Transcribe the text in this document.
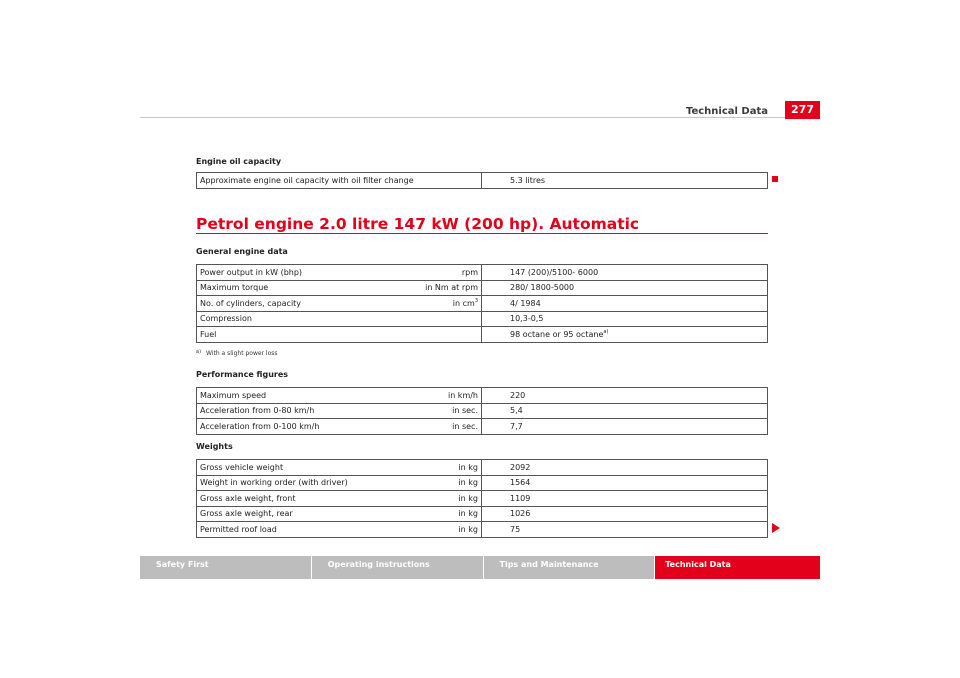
Technical Data	277
Engine oil capacity
Approximate engine oil capacity with oil filter change	5.3 litres
Petrol engine 2.0 litre 147 kW (200 hp). Automatic
General engine data
Power output in kW (bhp)	rpm	147 (200)/5100- 6000
Maximum torque	in Nm at rpm	280/ 1800-5000
No. of cylinders, capacity	in $cm^3$	4/ 1984
Compression		10,3-0,5
Fuel		98 octane or 95 octane$^{a)}$
$^{a)}$ With a slight power loss
Performance figures
Maximum speed	in km/h	220
Acceleration from 0-80 km/h	in sec.	5,4
Acceleration from 0-100 km/h	in sec.	7,7
Weights
Gross vehicle weight	in kg	2092
Weight in working order (with driver)	in kg	1564
Gross axle weight, front	in kg	1109
Gross axle weight, rear	in kg	1026
Permitted roof load	in kg	75
Safety First	Operating instructions	Tips and Maintenance	Technical Data
